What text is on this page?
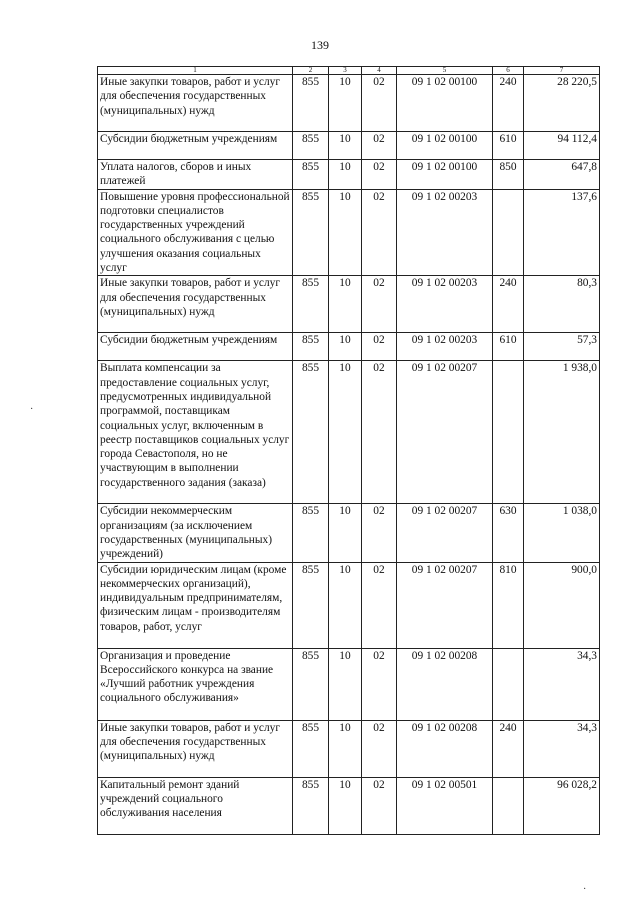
139
1	2	3	4	5	6	7
Иные закупки товаров, работ и услуг для обеспечения государственных (муниципальных) нужд	855	10	02	09 1 02 00100	240	28 220,5
Субсидии бюджетным учреждениям	855	10	02	09 1 02 00100	610	94 112,4
Уплата налогов, сборов и иных платежей	855	10	02	09 1 02 00100	850	647,8
Повышение уровня профессиональной подготовки специалистов государственных учреждений социального обслуживания с целью улучшения оказания социальных услуг	855	10	02	09 1 02 00203		137,6
Иные закупки товаров, работ и услуг для обеспечения государственных (муниципальных) нужд	855	10	02	09 1 02 00203	240	80,3
Субсидии бюджетным учреждениям	855	10	02	09 1 02 00203	610	57,3
Выплата компенсации за предоставление социальных услуг, предусмотренных индивидуальной программой, поставщикам социальных услуг, включенным в реестр поставщиков социальных услуг города Севастополя, но не участвующим в выполнении государственного задания (заказа)	855	10	02	09 1 02 00207		1 938,0
Субсидии некоммерческим организациям (за исключением государственных (муниципальных) учреждений)	855	10	02	09 1 02 00207	630	1 038,0
Субсидии юридическим лицам (кроме некоммерческих организаций), индивидуальным предпринимателям, физическим лицам - производителям товаров, работ, услуг	855	10	02	09 1 02 00207	810	900,0
Организация и проведение Всероссийского конкурса на звание «Лучший работник учреждения социального обслуживания»	855	10	02	09 1 02 00208		34,3
Иные закупки товаров, работ и услуг для обеспечения государственных (муниципальных) нужд	855	10	02	09 1 02 00208	240	34,3
Капитальный ремонт зданий учреждений социального обслуживания населения	855	10	02	09 1 02 00501		96 028,2
·
·
